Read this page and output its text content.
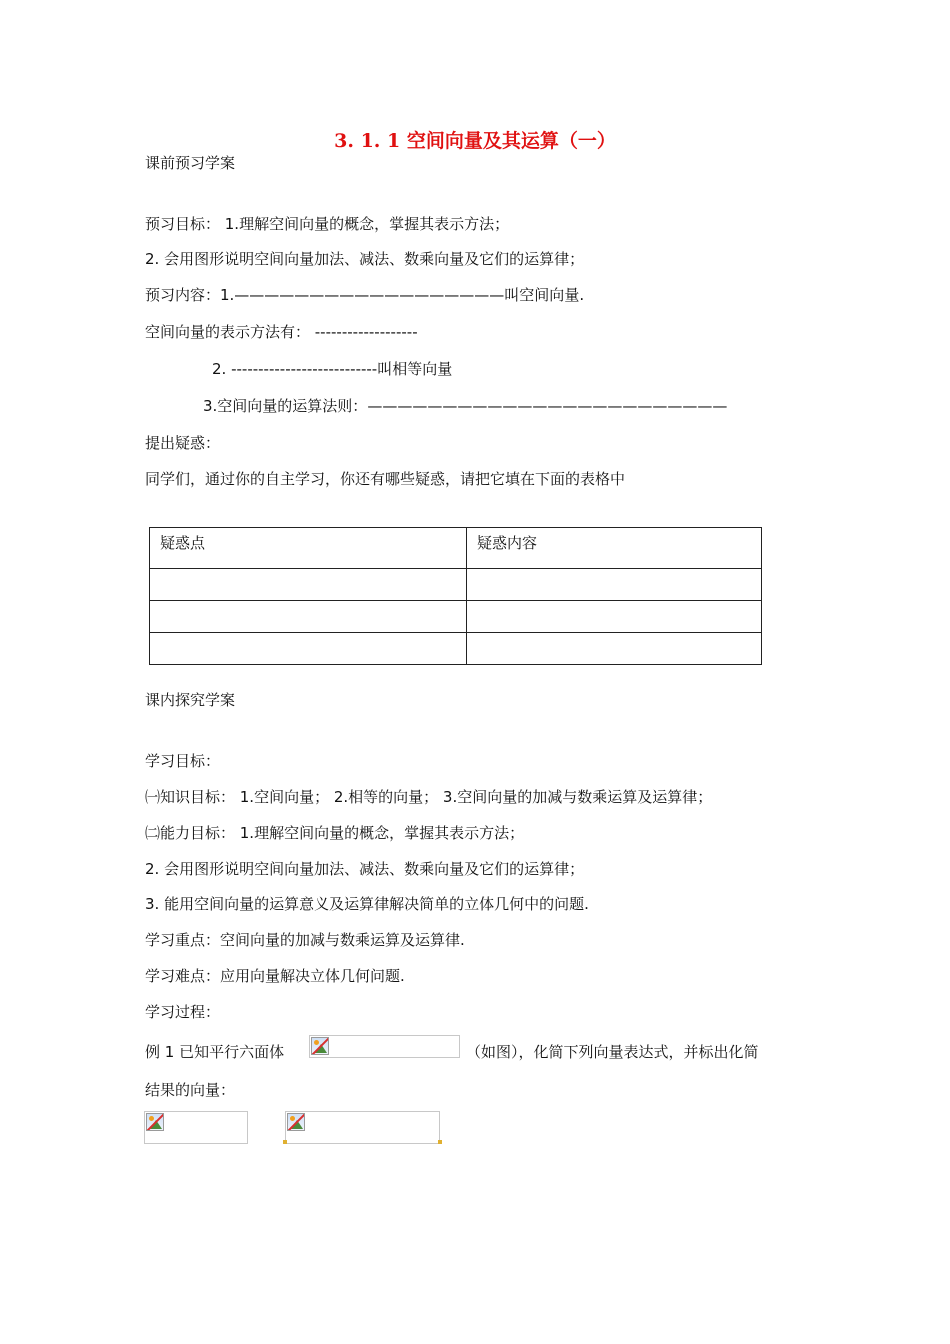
3. 1. 1 空间向量及其运算（一）
课前预习学案
预习目标： 1.理解空间向量的概念，掌握其表示方法；
2. 会用图形说明空间向量加法、减法、数乘向量及它们的运算律；
预习内容：1.——————————————————叫空间向量.
空间向量的表示方法有： -------------------
2. ---------------------------叫相等向量
3.空间向量的运算法则：————————————————————————
提出疑惑：
同学们，通过你的自主学习，你还有哪些疑惑，请把它填在下面的表格中
疑惑点	疑惑内容

课内探究学案
学习目标：
㈠知识目标： 1.空间向量； 2.相等的向量； 3.空间向量的加减与数乘运算及运算律；
㈡能力目标： 1.理解空间向量的概念，掌握其表示方法；
2. 会用图形说明空间向量加法、减法、数乘向量及它们的运算律；
3. 能用空间向量的运算意义及运算律解决简单的立体几何中的问题.
学习重点：空间向量的加减与数乘运算及运算律.
学习难点：应用向量解决立体几何问题.
学习过程：
例 1 已知平行六面体	（如图），化简下列向量表达式，并标出化简
结果的向量：
